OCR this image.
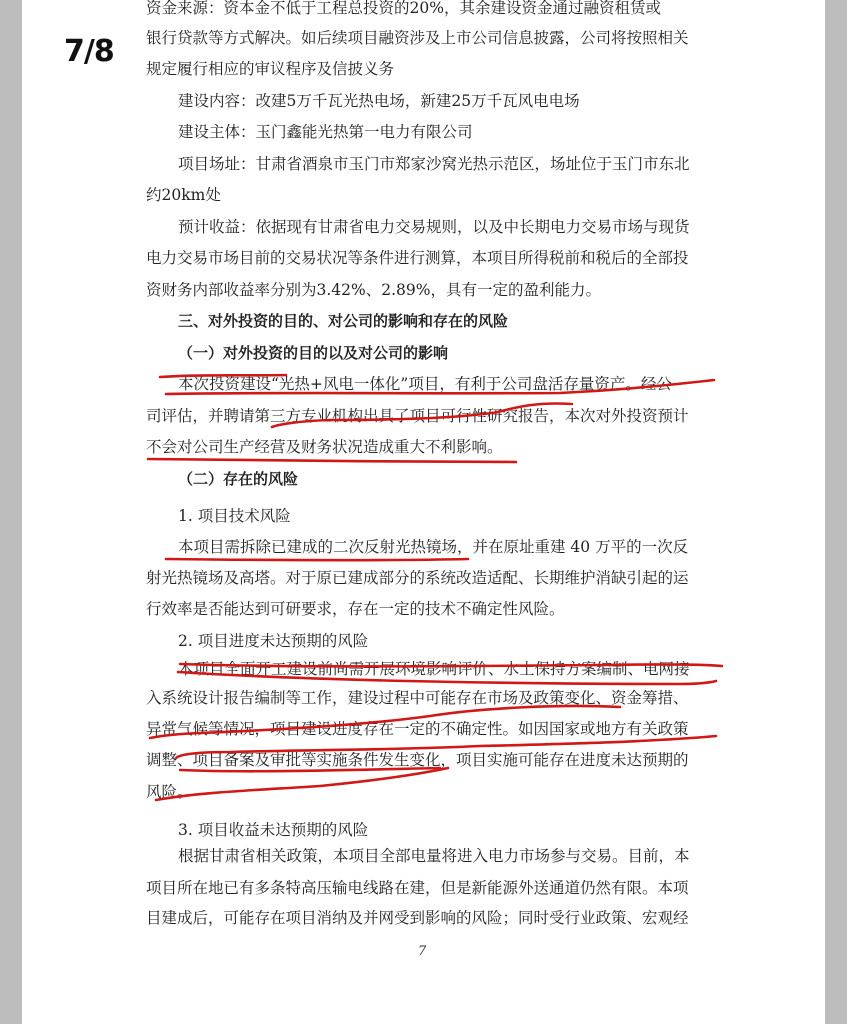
资金来源：资本金不低于工程总投资的20%，其余建设资金通过融资租赁或
银行贷款等方式解决。如后续项目融资涉及上市公司信息披露，公司将按照相关
规定履行相应的审议程序及信披义务
建设内容：改建5万千瓦光热电场，新建25万千瓦风电电场
建设主体：玉门鑫能光热第一电力有限公司
项目场址：甘肃省酒泉市玉门市郑家沙窝光热示范区，场址位于玉门市东北
约20km处
预计收益：依据现有甘肃省电力交易规则，以及中长期电力交易市场与现货
电力交易市场目前的交易状况等条件进行测算，本项目所得税前和税后的全部投
资财务内部收益率分别为3.42%、2.89%，具有一定的盈利能力。
三、对外投资的目的、对公司的影响和存在的风险
（一）对外投资的目的以及对公司的影响
本次投资建设“光热+风电一体化”项目，有利于公司盘活存量资产。经公
司评估，并聘请第三方专业机构出具了项目可行性研究报告，本次对外投资预计
不会对公司生产经营及财务状况造成重大不利影响。
（二）存在的风险
1. 项目技术风险
本项目需拆除已建成的二次反射光热镜场，并在原址重建 40 万平的一次反
射光热镜场及高塔。对于原已建成部分的系统改造适配、长期维护消缺引起的运
行效率是否能达到可研要求，存在一定的技术不确定性风险。
2. 项目进度未达预期的风险
本项目全面开工建设前尚需开展环境影响评价、水土保持方案编制、电网接
入系统设计报告编制等工作，建设过程中可能存在市场及政策变化、资金筹措、
异常气候等情况，项目建设进度存在一定的不确定性。如因国家或地方有关政策
调整、项目备案及审批等实施条件发生变化，项目实施可能存在进度未达预期的
风险。
3. 项目收益未达预期的风险
根据甘肃省相关政策，本项目全部电量将进入电力市场参与交易。目前，本
项目所在地已有多条特高压输电线路在建，但是新能源外送通道仍然有限。本项
目建成后，可能存在项目消纳及并网受到影响的风险；同时受行业政策、宏观经
7
7/8
